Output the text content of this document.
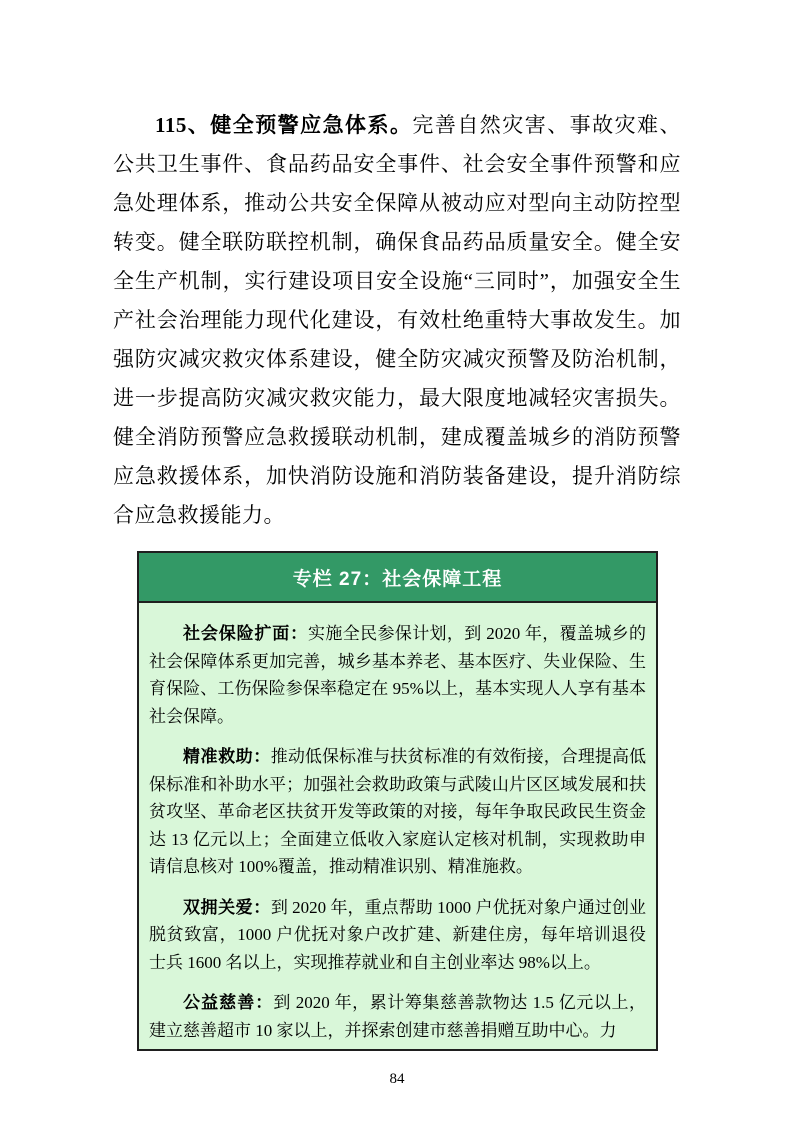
115、健全预警应急体系。完善自然灾害、事故灾难、公共卫生事件、食品药品安全事件、社会安全事件预警和应急处理体系，推动公共安全保障从被动应对型向主动防控型转变。健全联防联控机制，确保食品药品质量安全。健全安全生产机制，实行建设项目安全设施“三同时”，加强安全生产社会治理能力现代化建设，有效杜绝重特大事故发生。加强防灾减灾救灾体系建设，健全防灾减灾预警及防治机制，进一步提高防灾减灾救灾能力，最大限度地减轻灾害损失。健全消防预警应急救援联动机制，建成覆盖城乡的消防预警应急救援体系，加快消防设施和消防装备建设，提升消防综合应急救援能力。

专栏 27：社会保障工程

社会保险扩面：实施全民参保计划，到 2020 年，覆盖城乡的社会保障体系更加完善，城乡基本养老、基本医疗、失业保险、生育保险、工伤保险参保率稳定在 95%以上，基本实现人人享有基本社会保障。

精准救助：推动低保标准与扶贫标准的有效衔接，合理提高低保标准和补助水平；加强社会救助政策与武陵山片区区域发展和扶贫攻坚、革命老区扶贫开发等政策的对接，每年争取民政民生资金达 13 亿元以上；全面建立低收入家庭认定核对机制，实现救助申请信息核对 100%覆盖，推动精准识别、精准施救。

双拥关爱：到 2020 年，重点帮助 1000 户优抚对象户通过创业脱贫致富，1000 户优抚对象户改扩建、新建住房，每年培训退役士兵 1600 名以上，实现推荐就业和自主创业率达 98%以上。

公益慈善：到 2020 年，累计筹集慈善款物达 1.5 亿元以上，建立慈善超市 10 家以上，并探索创建市慈善捐赠互助中心。力

84
